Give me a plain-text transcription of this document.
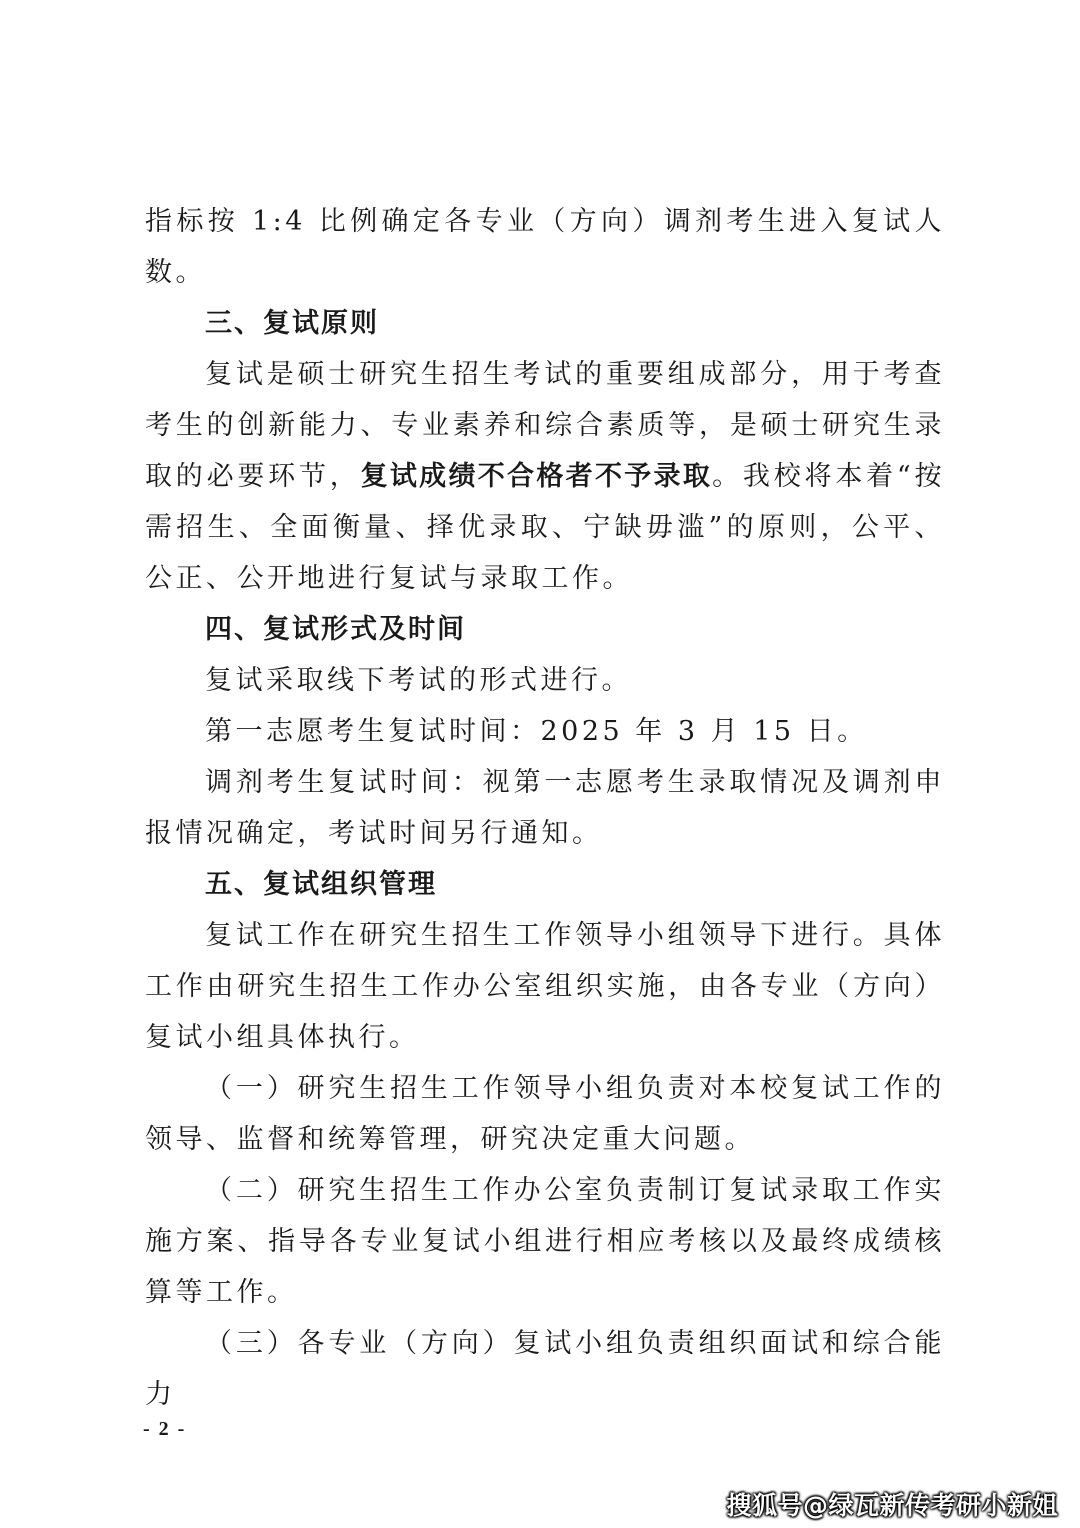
指标按 1:4 比例确定各专业（方向）调剂考生进入复试人数。

三、复试原则

复试是硕士研究生招生考试的重要组成部分，用于考查考生的创新能力、专业素养和综合素质等，是硕士研究生录取的必要环节，复试成绩不合格者不予录取。我校将本着“按需招生、全面衡量、择优录取、宁缺毋滥”的原则，公平、公正、公开地进行复试与录取工作。

四、复试形式及时间

复试采取线下考试的形式进行。

第一志愿考生复试时间：2025 年 3 月 15 日。

调剂考生复试时间：视第一志愿考生录取情况及调剂申报情况确定，考试时间另行通知。

五、复试组织管理

复试工作在研究生招生工作领导小组领导下进行。具体工作由研究生招生工作办公室组织实施，由各专业（方向）复试小组具体执行。

（一）研究生招生工作领导小组负责对本校复试工作的领导、监督和统筹管理，研究决定重大问题。

（二）研究生招生工作办公室负责制订复试录取工作实施方案、指导各专业复试小组进行相应考核以及最终成绩核算等工作。

（三）各专业（方向）复试小组负责组织面试和综合能力

- 2 -
搜狐号@绿瓦新传考研小新姐
